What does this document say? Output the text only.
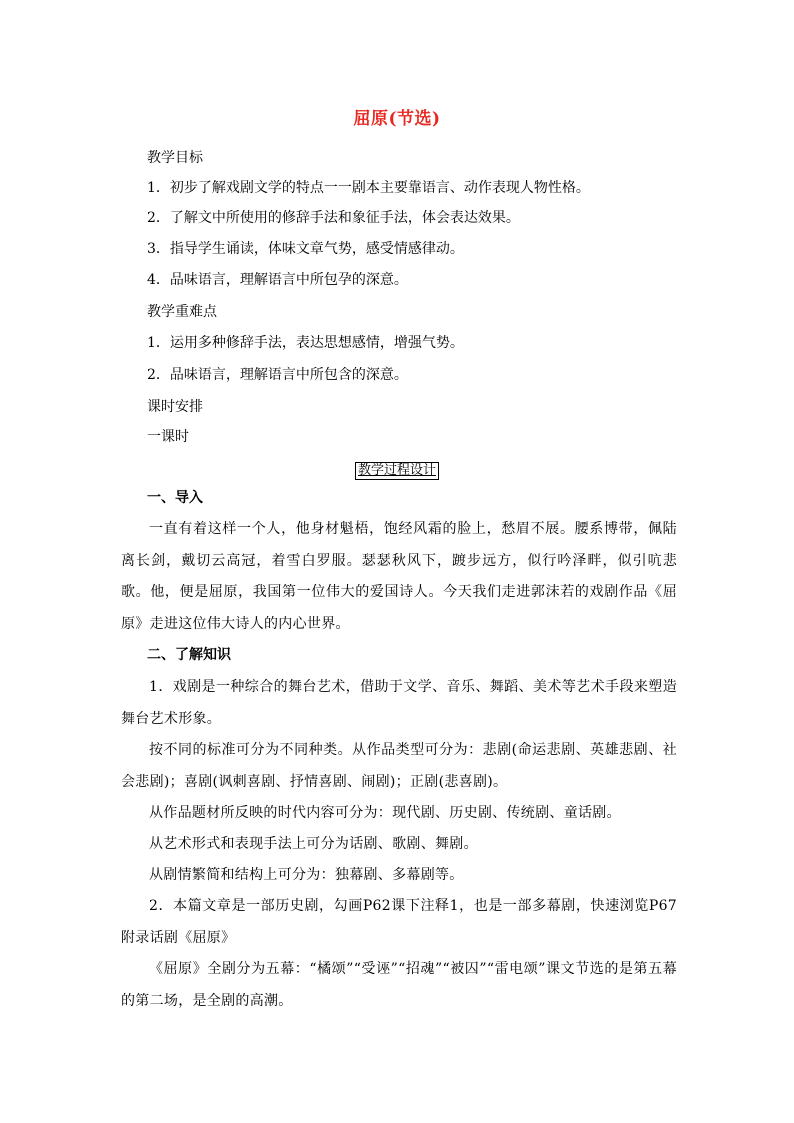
屈原(节选)
教学目标
1．初步了解戏剧文学的特点一一剧本主要靠语言、动作表现人物性格。
2．了解文中所使用的修辞手法和象征手法，体会表达效果。
3．指导学生诵读，体味文章气势，感受情感律动。
4．品味语言，理解语言中所包孕的深意。
教学重难点
1．运用多种修辞手法，表达思想感情，增强气势。
2．品味语言，理解语言中所包含的深意。
课时安排
一课时
教学过程设计
一、导入
一直有着这样一个人，他身材魁梧，饱经风霜的脸上，愁眉不展。腰系博带，佩陆离长剑，戴切云高冠，着雪白罗服。瑟瑟秋风下，踱步远方，似行吟泽畔，似引吭悲歌。他，便是屈原，我国第一位伟大的爱国诗人。今天我们走进郭沫若的戏剧作品《屈原》走进这位伟大诗人的内心世界。
二、了解知识
1．戏剧是一种综合的舞台艺术，借助于文学、音乐、舞蹈、美术等艺术手段来塑造舞台艺术形象。
按不同的标准可分为不同种类。从作品类型可分为：悲剧(命运悲剧、英雄悲剧、社会悲剧)；喜剧(讽刺喜剧、抒情喜剧、闹剧)；正剧(悲喜剧)。
从作品题材所反映的时代内容可分为：现代剧、历史剧、传统剧、童话剧。
从艺术形式和表现手法上可分为话剧、歌剧、舞剧。
从剧情繁简和结构上可分为：独幕剧、多幕剧等。
2．本篇文章是一部历史剧，勾画P62课下注释1，也是一部多幕剧，快速浏览P67附录话剧《屈原》
《屈原》全剧分为五幕：“橘颂”“受诬”“招魂”“被囚”“雷电颂”课文节选的是第五幕的第二场，是全剧的高潮。
